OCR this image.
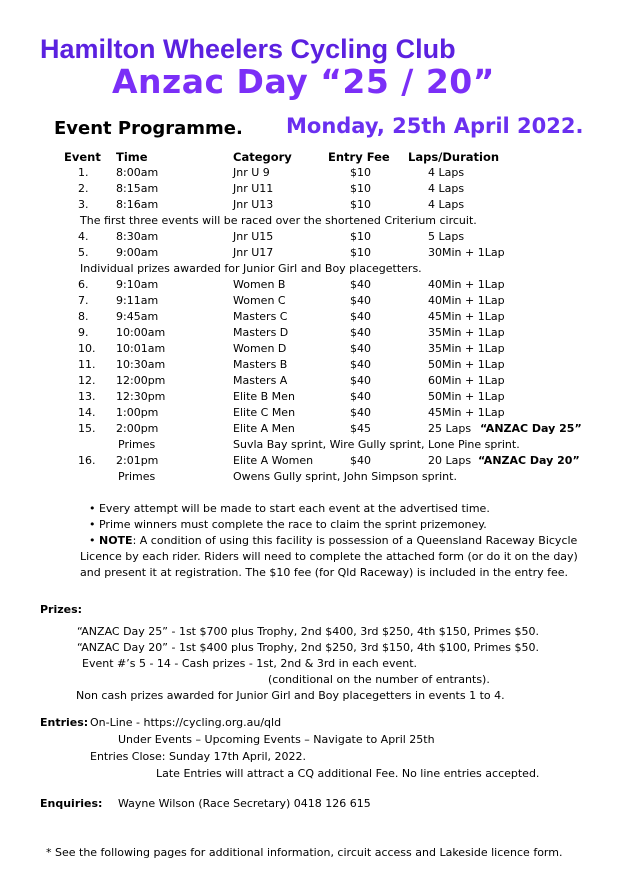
Hamilton Wheelers Cycling Club
Anzac Day “25 / 20”
Event Programme. Monday, 25th April 2022.
Event Time	Category	Entry Fee Laps/Duration
1.	8:00am	Jnr U 9	$10	4 Laps
2.	8:15am	Jnr U11	$10	4 Laps
3.	8:16am	Jnr U13	$10	4 Laps
The first three events will be raced over the shortened Criterium circuit.
4.	8:30am	Jnr U15	$10	5 Laps
5.	9:00am	Jnr U17	$10	30Min + 1Lap
Individual prizes awarded for Junior Girl and Boy placegetters.
6.	9:10am	Women B	$40	40Min + 1Lap
7.	9:11am	Women C	$40	40Min + 1Lap
8.	9:45am	Masters C	$40	45Min + 1Lap
9.	10:00am	Masters D	$40	35Min + 1Lap
10. 10:01am	Women D	$40	35Min + 1Lap
11. 10:30am	Masters B	$40	50Min + 1Lap
12. 12:00pm	Masters A	$40	60Min + 1Lap
13. 12:30pm	Elite B Men	$40	50Min + 1Lap
14. 1:00pm	Elite C Men	$40	45Min + 1Lap
15. 2:00pm	Elite A Men	$45	25 Laps “ANZAC Day 25”
Primes	Suvla Bay sprint, Wire Gully sprint, Lone Pine sprint.
16. 2:01pm	Elite A Women	$40	20 Laps “ANZAC Day 20”
Primes	Owens Gully sprint, John Simpson sprint.
• Every attempt will be made to start each event at the advertised time.
• Prime winners must complete the race to claim the sprint prizemoney.
• NOTE: A condition of using this facility is possession of a Queensland Raceway Bicycle
Licence by each rider. Riders will need to complete the attached form (or do it on the day)
and present it at registration. The $10 fee (for Qld Raceway) is included in the entry fee.
Prizes:
“ANZAC Day 25” - 1st $700 plus Trophy, 2nd $400, 3rd $250, 4th $150, Primes $50.
“ANZAC Day 20” - 1st $400 plus Trophy, 2nd $250, 3rd $150, 4th $100, Primes $50.
Event #’s 5 - 14 - Cash prizes - 1st, 2nd & 3rd in each event.
(conditional on the number of entrants).
Non cash prizes awarded for Junior Girl and Boy placegetters in events 1 to 4.
Entries: On-Line - https://cycling.org.au/qld
Under Events – Upcoming Events – Navigate to April 25th
Entries Close: Sunday 17th April, 2022.
Late Entries will attract a CQ additional Fee. No line entries accepted.
Enquiries: Wayne Wilson (Race Secretary) 0418 126 615
* See the following pages for additional information, circuit access and Lakeside licence form.
